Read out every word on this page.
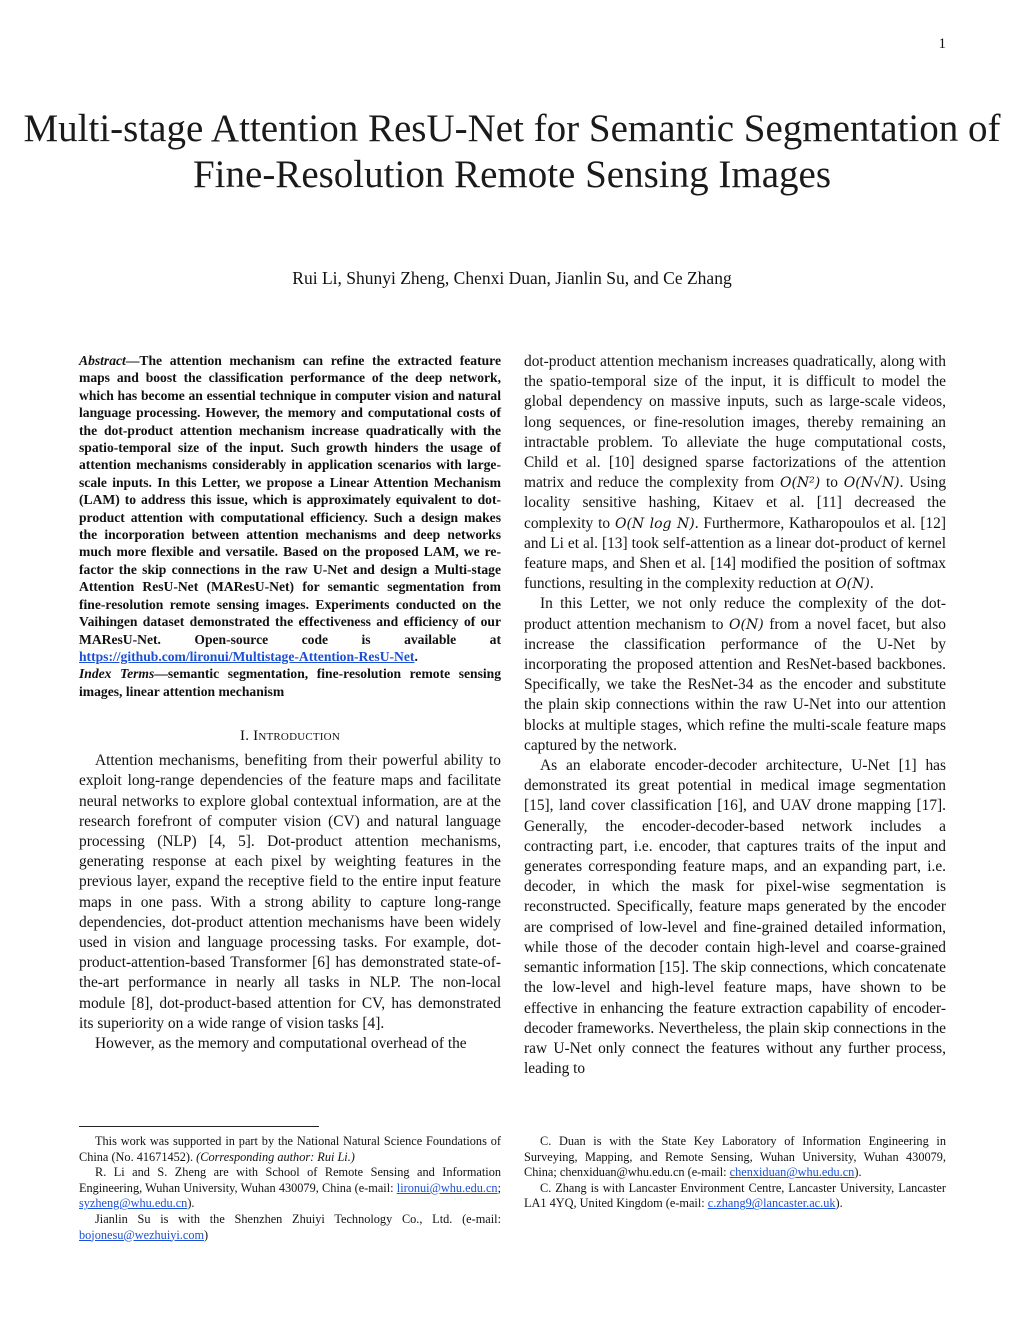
1
Multi-stage Attention ResU-Net for Semantic Segmentation of Fine-Resolution Remote Sensing Images
Rui Li, Shunyi Zheng, Chenxi Duan, Jianlin Su, and Ce Zhang

Abstract—The attention mechanism can refine the extracted feature maps and boost the classification performance of the deep network, which has become an essential technique in computer vision and natural language processing. However, the memory and computational costs of the dot-product attention mechanism increase quadratically with the spatio-temporal size of the input. Such growth hinders the usage of attention mechanisms considerably in application scenarios with large-scale inputs. In this Letter, we propose a Linear Attention Mechanism (LAM) to address this issue, which is approximately equivalent to dot-product attention with computational efficiency. Such a design makes the incorporation between attention mechanisms and deep networks much more flexible and versatile. Based on the proposed LAM, we re-factor the skip connections in the raw U-Net and design a Multi-stage Attention ResU-Net (MAResU-Net) for semantic segmentation from fine-resolution remote sensing images. Experiments conducted on the Vaihingen dataset demonstrated the effectiveness and efficiency of our MAResU-Net. Open-source code is available at https://github.com/lironui/Multistage-Attention-ResU-Net.

Index Terms—semantic segmentation, fine-resolution remote sensing images, linear attention mechanism

I. Introduction

Attention mechanisms, benefiting from their powerful ability to exploit long-range dependencies of the feature maps and facilitate neural networks to explore global contextual information, are at the research forefront of computer vision (CV) and natural language processing (NLP) [4, 5]. Dot-product attention mechanisms, generating response at each pixel by weighting features in the previous layer, expand the receptive field to the entire input feature maps in one pass. With a strong ability to capture long-range dependencies, dot-product attention mechanisms have been widely used in vision and language processing tasks. For example, dot-product-attention-based Transformer [6] has demonstrated state-of-the-art performance in nearly all tasks in NLP. The non-local module [8], dot-product-based attention for CV, has demonstrated its superiority on a wide range of vision tasks [4].

However, as the memory and computational overhead of the

dot-product attention mechanism increases quadratically, along with the spatio-temporal size of the input, it is difficult to model the global dependency on massive inputs, such as large-scale videos, long sequences, or fine-resolution images, thereby remaining an intractable problem. To alleviate the huge computational costs, Child et al. [10] designed sparse factorizations of the attention matrix and reduce the complexity from O(N²) to O(N√N). Using locality sensitive hashing, Kitaev et al. [11] decreased the complexity to O(N log N). Furthermore, Katharopoulos et al. [12] and Li et al. [13] took self-attention as a linear dot-product of kernel feature maps, and Shen et al. [14] modified the position of softmax functions, resulting in the complexity reduction at O(N).

In this Letter, we not only reduce the complexity of the dot-product attention mechanism to O(N) from a novel facet, but also increase the classification performance of the U-Net by incorporating the proposed attention and ResNet-based backbones. Specifically, we take the ResNet-34 as the encoder and substitute the plain skip connections within the raw U-Net into our attention blocks at multiple stages, which refine the multi-scale feature maps captured by the network.

As an elaborate encoder-decoder architecture, U-Net [1] has demonstrated its great potential in medical image segmentation [15], land cover classification [16], and UAV drone mapping [17]. Generally, the encoder-decoder-based network includes a contracting part, i.e. encoder, that captures traits of the input and generates corresponding feature maps, and an expanding part, i.e. decoder, in which the mask for pixel-wise segmentation is reconstructed. Specifically, feature maps generated by the encoder are comprised of low-level and fine-grained detailed information, while those of the decoder contain high-level and coarse-grained semantic information [15]. The skip connections, which concatenate the low-level and high-level feature maps, have shown to be effective in enhancing the feature extraction capability of encoder-decoder frameworks. Nevertheless, the plain skip connections in the raw U-Net only connect the features without any further process, leading to

This work was supported in part by the National Natural Science Foundations of China (No. 41671452). (Corresponding author: Rui Li.)

R. Li and S. Zheng are with School of Remote Sensing and Information Engineering, Wuhan University, Wuhan 430079, China (e-mail: lironui@whu.edu.cn; syzheng@whu.edu.cn).

Jianlin Su is with the Shenzhen Zhuiyi Technology Co., Ltd. (e-mail: bojonesu@wezhuiyi.com)

C. Duan is with the State Key Laboratory of Information Engineering in Surveying, Mapping, and Remote Sensing, Wuhan University, Wuhan 430079, China; chenxiduan@whu.edu.cn (e-mail: chenxiduan@whu.edu.cn).

C. Zhang is with Lancaster Environment Centre, Lancaster University, Lancaster LA1 4YQ, United Kingdom (e-mail: c.zhang9@lancaster.ac.uk).
